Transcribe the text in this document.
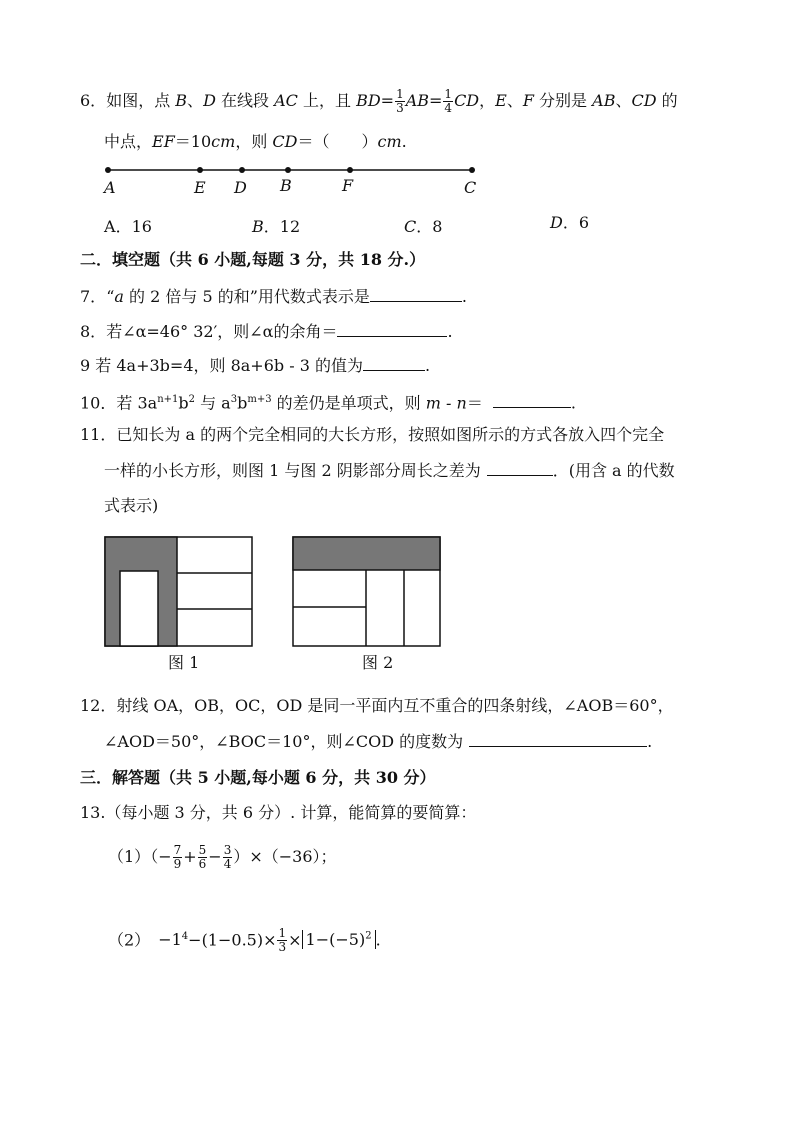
6．如图，点 B、D 在线段 AC 上，且 $BD= \frac{1}{3} AB= \frac{1}{4}$ CD，E、F 分别是 AB、CD 的
中点，EF＝10cm，则 CD＝（　　）cm.
A	E D B	F	C
A．16	B．12	C．8	D．6
二．填空题（共 6 小题,每题 3 分，共 18 分.）
7．“a 的 2 倍与 5 的和”用代数式表示是	.
8．若∠α=46° 32′，则∠α的余角＝	.
9 若 4a+3b=4，则 8a+6b - 3 的值为	.
10．若 $3a^{n+1}b^2$ 与 $a^3b^{m+3}$ 的差仍是单项式，则 m - n＝	.
11．已知长为 a 的两个完全相同的大长方形，按照如图所示的方式各放入四个完全
一样的小长方形，则图 1 与图 2 阴影部分周长之差为	．(用含 a 的代数
式表示)
图 1	图 2
12．射线 OA，OB，OC，OD 是同一平面内互不重合的四条射线，∠AOB＝60°，
∠AOD＝50°，∠BOC＝10°，则∠COD 的度数为	.
三．解答题（共 5 小题,每小题 6 分，共 30 分）
13.（每小题 3 分，共 6 分）. 计算，能简算的要简算：
$(1)(- \frac{7}{9} + \frac{5}{6} - \frac{3}{4} )\times(-36)$；
$(2) -1^4-(1-0.5)\times \frac{1}{3} \times 1-(-5)^2$ .
